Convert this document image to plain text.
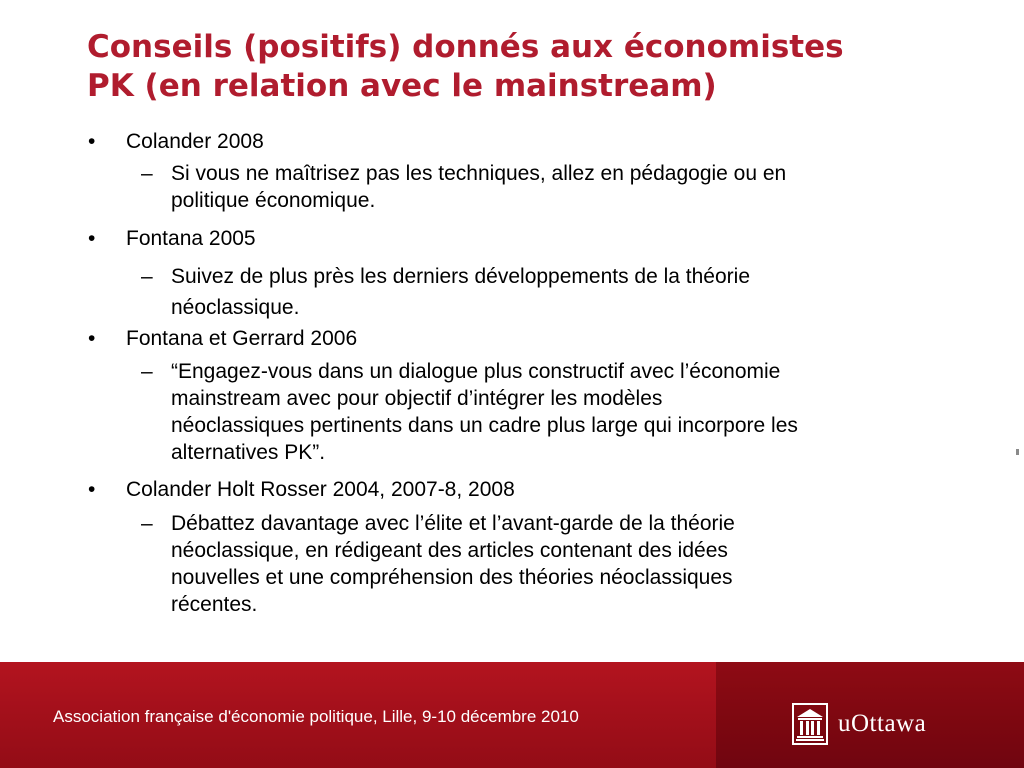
Conseils (positifs) donnés aux économistes
PK (en relation avec le mainstream)
• Colander 2008
– Si vous ne maîtrisez pas les techniques, allez en pédagogie ou en
politique économique.
• Fontana 2005
– Suivez de plus près les derniers développements de la théorie
néoclassique.
• Fontana et Gerrard 2006
– “Engagez-vous dans un dialogue plus constructif avec l’économie
mainstream avec pour objectif d’intégrer les modèles
néoclassiques pertinents dans un cadre plus large qui incorpore les
alternatives PK”.
• Colander Holt Rosser 2004, 2007-8, 2008
– Débattez davantage avec l’élite et l’avant-garde de la théorie
néoclassique, en rédigeant des articles contenant des idées
nouvelles et une compréhension des théories néoclassiques
récentes.
Association française d'économie politique, Lille, 9-10 décembre 2010	uOttawa
